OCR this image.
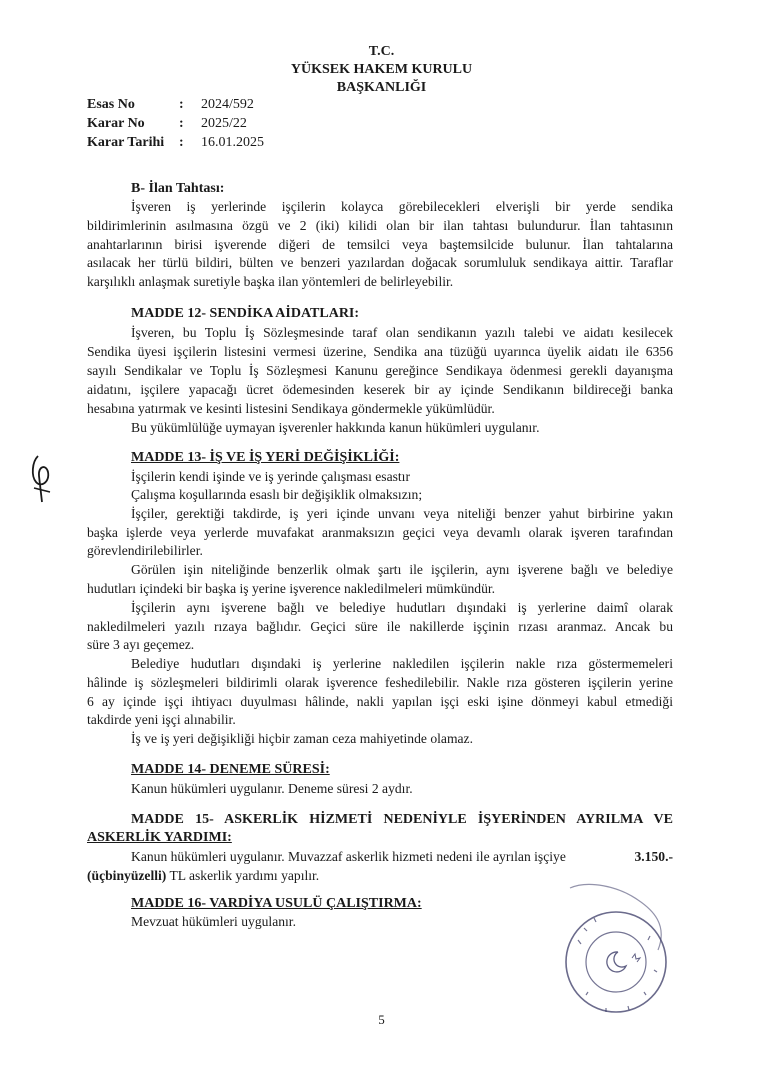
T.C.
YÜKSEK HAKEM KURULU
BAŞKANLIĞI
Esas No	: 2024/592
Karar No : 2025/22
Karar Tarihi : 16.01.2025
B- İlan Tahtası:
İşveren iş yerlerinde işçilerin kolayca görebilecekleri elverişli bir yerde sendika
bildirimlerinin asılmasına özgü ve 2 (iki) kilidi olan bir ilan tahtası bulundurur. İlan tahtasının
anahtarlarının birisi işverende diğeri de temsilci veya baştemsilcide bulunur. İlan tahtalarına
asılacak her türlü bildiri, bülten ve benzeri yazılardan doğacak sorumluluk sendikaya aittir. Taraflar
karşılıklı anlaşmak suretiyle başka ilan yöntemleri de belirleyebilir.
MADDE 12- SENDİKA AİDATLARI:
İşveren, bu Toplu İş Sözleşmesinde taraf olan sendikanın yazılı talebi ve aidatı kesilecek
Sendika üyesi işçilerin listesini vermesi üzerine, Sendika ana tüzüğü uyarınca üyelik aidatı ile 6356
sayılı Sendikalar ve Toplu İş Sözleşmesi Kanunu gereğince Sendikaya ödenmesi gerekli dayanışma
aidatını, işçilere yapacağı ücret ödemesinden keserek bir ay içinde Sendikanın bildireceği banka
hesabına yatırmak ve kesinti listesini Sendikaya göndermekle yükümlüdür.
Bu yükümlülüğe uymayan işverenler hakkında kanun hükümleri uygulanır.
MADDE 13- İŞ VE İŞ YERİ DEĞİŞİKLİĞİ:
İşçilerin kendi işinde ve iş yerinde çalışması esastır
Çalışma koşullarında esaslı bir değişiklik olmaksızın;
İşçiler, gerektiği takdirde, iş yeri içinde unvanı veya niteliği benzer yahut birbirine yakın
başka işlerde veya yerlerde muvafakat aranmaksızın geçici veya devamlı olarak işveren tarafından
görevlendirilebilirler.
Görülen işin niteliğinde benzerlik olmak şartı ile işçilerin, aynı işverene bağlı ve belediye
hudutları içindeki bir başka iş yerine işverence nakledilmeleri mümkündür.
İşçilerin aynı işverene bağlı ve belediye hudutları dışındaki iş yerlerine daimî olarak
nakledilmeleri yazılı rızaya bağlıdır. Geçici süre ile nakillerde işçinin rızası aranmaz. Ancak bu
süre 3 ayı geçemez.
Belediye hudutları dışındaki iş yerlerine nakledilen işçilerin nakle rıza göstermemeleri
hâlinde iş sözleşmeleri bildirimli olarak işverence feshedilebilir. Nakle rıza gösteren işçilerin yerine
6 ay içinde işçi ihtiyacı duyulması hâlinde, nakli yapılan işçi eski işine dönmeyi kabul etmediği
takdirde yeni işçi alınabilir.
İş ve iş yeri değişikliği hiçbir zaman ceza mahiyetinde olamaz.
MADDE 14- DENEME SÜRESİ:
Kanun hükümleri uygulanır. Deneme süresi 2 aydır.
MADDE 15- ASKERLİK HİZMETİ NEDENİYLE İŞYERİNDEN AYRILMA VE
ASKERLİK YARDIMI:
Kanun hükümleri uygulanır. Muvazzaf askerlik hizmeti nedeni ile ayrılan işçiye	3.150.-
(üçbinyüzelli) TL askerlik yardımı yapılır.
MADDE 16- VARDİYA USULÜ ÇALIŞTIRMA:
Mevzuat hükümleri uygulanır.
5
